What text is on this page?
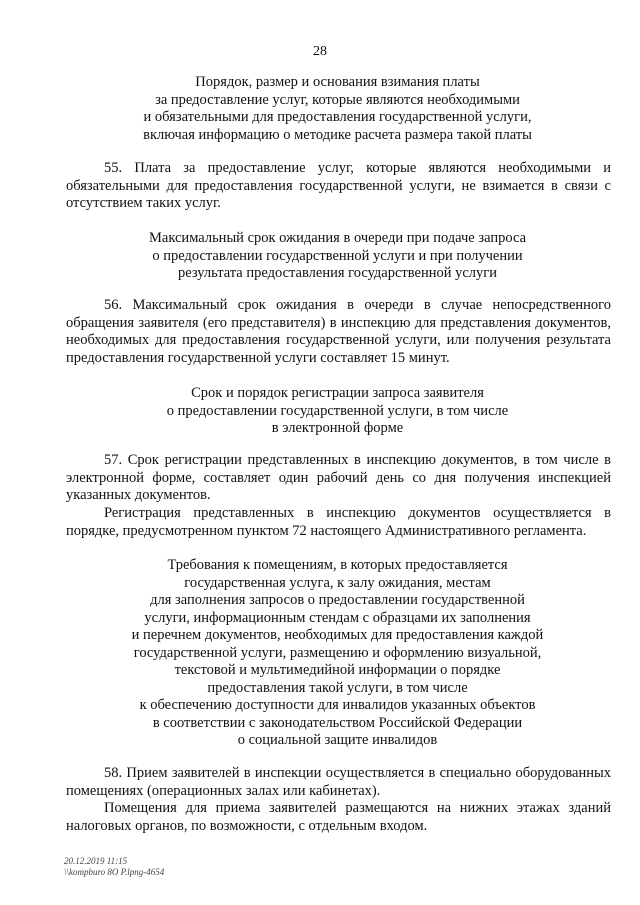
28
Порядок, размер и основания взимания платы
за предоставление услуг, которые являются необходимыми
и обязательными для предоставления государственной услуги,
включая информацию о методике расчета размера такой платы
55. Плата за предоставление услуг, которые являются необходимыми и обязательными для предоставления государственной услуги, не взимается в связи с отсутствием таких услуг.
Максимальный срок ожидания в очереди при подаче запроса
о предоставлении государственной услуги и при получении
результата предоставления государственной услуги
56. Максимальный срок ожидания в очереди в случае непосредственного обращения заявителя (его представителя) в инспекцию для представления документов, необходимых для предоставления государственной услуги, или получения результата предоставления государственной услуги составляет 15 минут.
Срок и порядок регистрации запроса заявителя
о предоставлении государственной услуги, в том числе
в электронной форме
57. Срок регистрации представленных в инспекцию документов, в том числе в электронной форме, составляет один рабочий день со дня получения инспекцией указанных документов.
Регистрация представленных в инспекцию документов осуществляется в порядке, предусмотренном пунктом 72 настоящего Административного регламента.
Требования к помещениям, в которых предоставляется
государственная услуга, к залу ожидания, местам
для заполнения запросов о предоставлении государственной
услуги, информационным стендам с образцами их заполнения
и перечнем документов, необходимых для предоставления каждой
государственной услуги, размещению и оформлению визуальной,
текстовой и мультимедийной информации о порядке
предоставления такой услуги, в том числе
к обеспечению доступности для инвалидов указанных объектов
в соответствии с законодательством Российской Федерации
о социальной защите инвалидов
58. Прием заявителей в инспекции осуществляется в специально оборудованных помещениях (операционных залах или кабинетах).
Помещения для приема заявителей размещаются на нижних этажах зданий налоговых органов, по возможности, с отдельным входом.
20.12.2019 11:15
\\kompburo 8O P.lpng-4654
